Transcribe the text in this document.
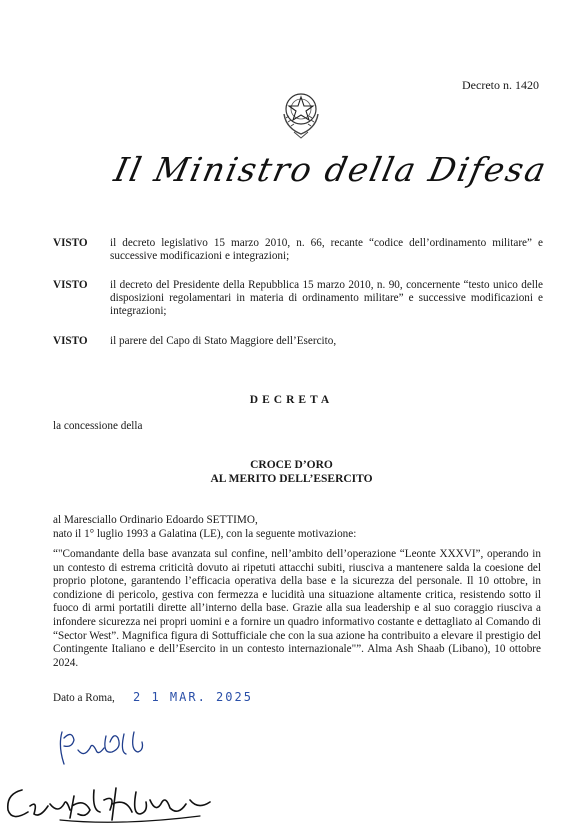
Decreto n. 1420
Il Ministro della Difesa
VISTO	il decreto legislativo 15 marzo 2010, n. 66, recante “codice dell’ordinamento militare” e successive modificazioni e integrazioni;
VISTO	il decreto del Presidente della Repubblica 15 marzo 2010, n. 90, concernente “testo unico delle disposizioni regolamentari in materia di ordinamento militare” e successive modificazioni e integrazioni;
VISTO	il parere del Capo di Stato Maggiore dell’Esercito,
DECRETA
la concessione della
CROCE D’ORO
AL MERITO DELL’ESERCITO
al Maresciallo Ordinario Edoardo SETTIMO,
nato il 1° luglio 1993 a Galatina (LE), con la seguente motivazione:
“"Comandante della base avanzata sul confine, nell’ambito dell’operazione “Leonte XXXVI”, operando in un contesto di estrema criticità dovuto ai ripetuti attacchi subiti, riusciva a mantenere salda la coesione del proprio plotone, garantendo l’efficacia operativa della base e la sicurezza del personale. Il 10 ottobre, in condizione di pericolo, gestiva con fermezza e lucidità una situazione altamente critica, resistendo sotto il fuoco di armi portatili dirette all’interno della base. Grazie alla sua leadership e al suo coraggio riusciva a infondere sicurezza nei propri uomini e a fornire un quadro informativo costante e dettagliato al Comando di “Sector West”. Magnifica figura di Sottufficiale che con la sua azione ha contribuito a elevare il prestigio del Contingente Italiano e dell’Esercito in un contesto internazionale"”. Alma Ash Shaab (Libano), 10 ottobre 2024.
Dato a Roma, 2 1 MAR. 2025
